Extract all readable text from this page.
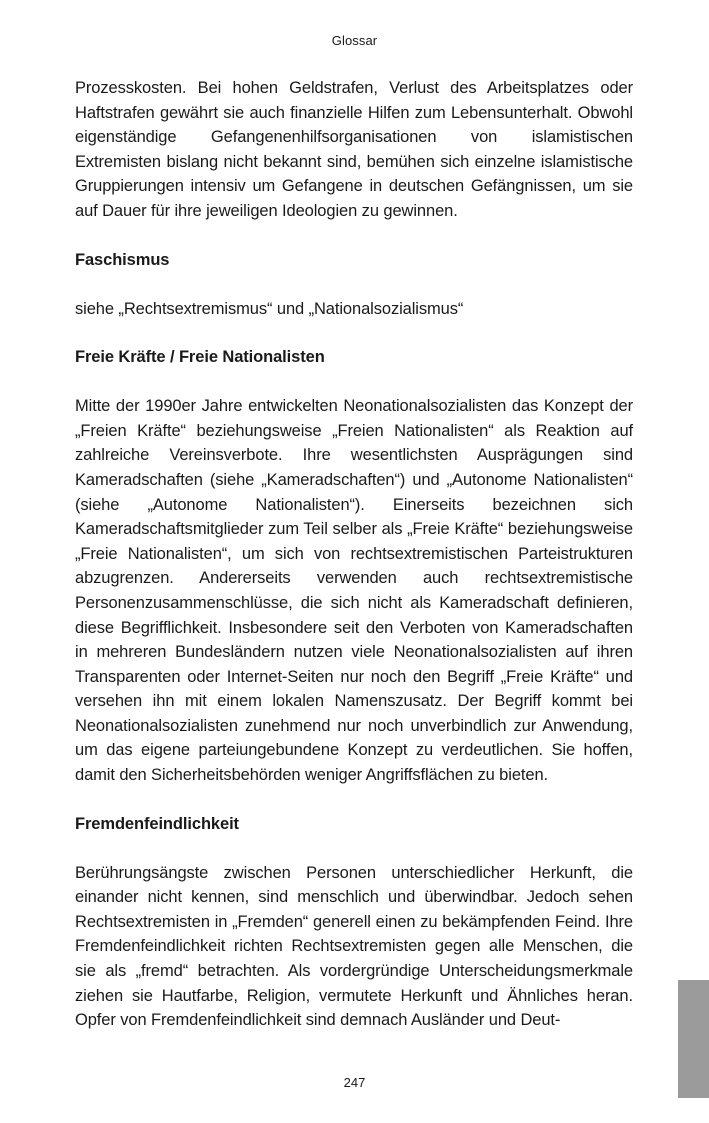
Glossar

Prozesskosten. Bei hohen Geldstrafen, Verlust des Arbeitsplatzes oder Haftstrafen gewährt sie auch finanzielle Hilfen zum Lebensunterhalt. Obwohl eigenständige Gefangenenhilfsorganisationen von islamistischen Extremisten bislang nicht bekannt sind, bemühen sich einzelne islamistische Gruppierungen intensiv um Gefangene in deutschen Gefängnissen, um sie auf Dauer für ihre jeweiligen Ideologien zu gewinnen.

Faschismus

siehe „Rechtsextremismus“ und „Nationalsozialismus“

Freie Kräfte / Freie Nationalisten

Mitte der 1990er Jahre entwickelten Neonationalsozialisten das Konzept der „Freien Kräfte“ beziehungsweise „Freien Nationalisten“ als Reaktion auf zahlreiche Vereinsverbote. Ihre wesentlichsten Ausprägungen sind Kameradschaften (siehe „Kameradschaften“) und „Autonome Nationalisten“ (siehe „Autonome Nationalisten“). Einerseits bezeichnen sich Kameradschaftsmitglieder zum Teil selber als „Freie Kräfte“ beziehungsweise „Freie Nationalisten“, um sich von rechtsextremistischen Parteistrukturen abzugrenzen. Andererseits verwenden auch rechtsextremistische Personenzusammenschlüsse, die sich nicht als Kameradschaft definieren, diese Begrifflichkeit. Insbesondere seit den Verboten von Kameradschaften in mehreren Bundesländern nutzen viele Neonationalsozialisten auf ihren Transparenten oder Internet-Seiten nur noch den Begriff „Freie Kräfte“ und versehen ihn mit einem lokalen Namenszusatz. Der Begriff kommt bei Neonationalsozialisten zunehmend nur noch unverbindlich zur Anwendung, um das eigene parteiungebundene Konzept zu verdeutlichen. Sie hoffen, damit den Sicherheitsbehörden weniger Angriffsflächen zu bieten.

Fremdenfeindlichkeit

Berührungsängste zwischen Personen unterschiedlicher Herkunft, die einander nicht kennen, sind menschlich und überwindbar. Jedoch sehen Rechtsextremisten in „Fremden“ generell einen zu bekämpfenden Feind. Ihre Fremdenfeindlichkeit richten Rechtsextremisten gegen alle Menschen, die sie als „fremd“ betrachten. Als vordergründige Unterscheidungsmerkmale ziehen sie Hautfarbe, Religion, vermutete Herkunft und Ähnliches heran. Opfer von Fremdenfeindlichkeit sind demnach Ausländer und Deut-

247
